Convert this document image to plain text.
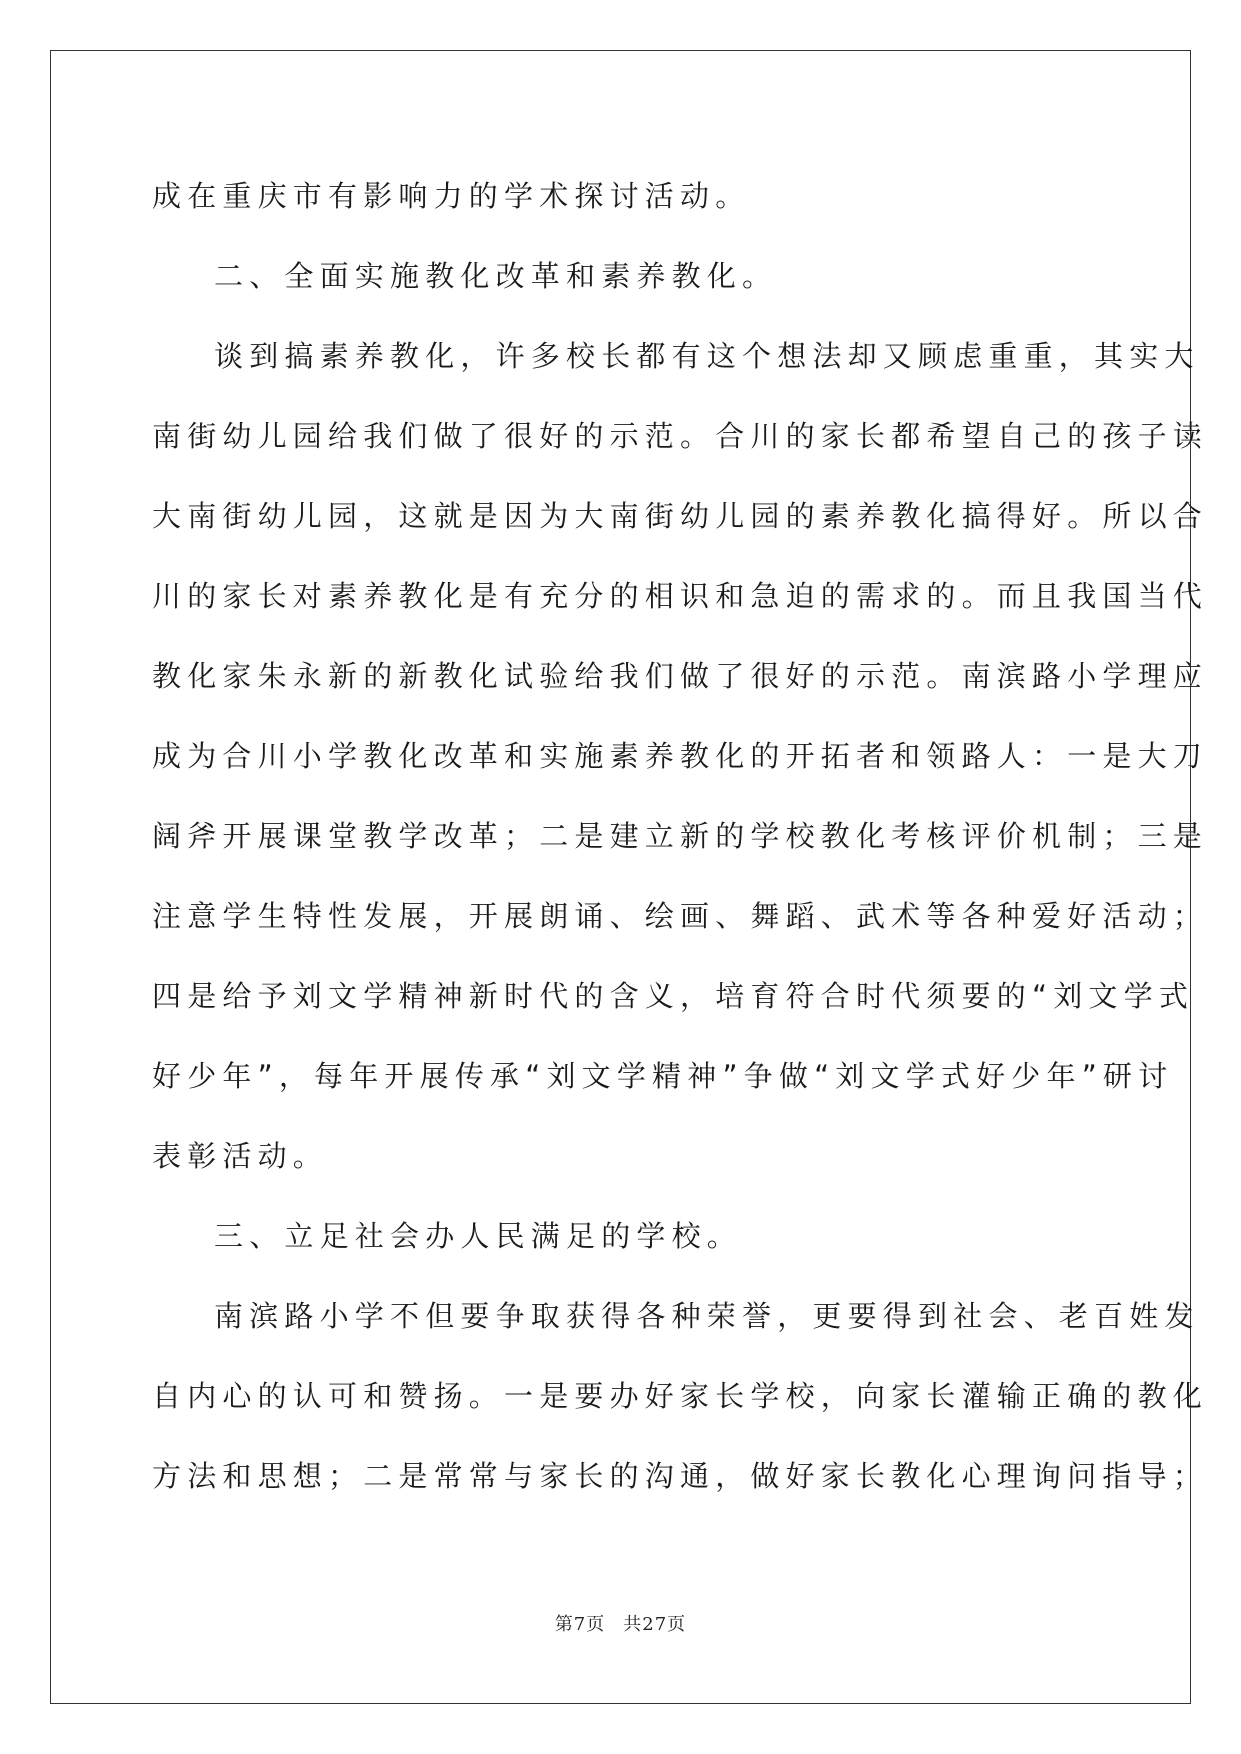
成在重庆市有影响力的学术探讨活动。
二、全面实施教化改革和素养教化。
谈到搞素养教化，许多校长都有这个想法却又顾虑重重，其实大
南街幼儿园给我们做了很好的示范。合川的家长都希望自己的孩子读
大南街幼儿园，这就是因为大南街幼儿园的素养教化搞得好。所以合
川的家长对素养教化是有充分的相识和急迫的需求的。而且我国当代
教化家朱永新的新教化试验给我们做了很好的示范。南滨路小学理应
成为合川小学教化改革和实施素养教化的开拓者和领路人：一是大刀
阔斧开展课堂教学改革；二是建立新的学校教化考核评价机制；三是
注意学生特性发展，开展朗诵、绘画、舞蹈、武术等各种爱好活动；
四是给予刘文学精神新时代的含义，培育符合时代须要的“刘文学式
好少年”，每年开展传承“刘文学精神”争做“刘文学式好少年”研讨
表彰活动。
三、立足社会办人民满足的学校。
南滨路小学不但要争取获得各种荣誉，更要得到社会、老百姓发
自内心的认可和赞扬。一是要办好家长学校，向家长灌输正确的教化
方法和思想；二是常常与家长的沟通，做好家长教化心理询问指导；
第7页 共27页
